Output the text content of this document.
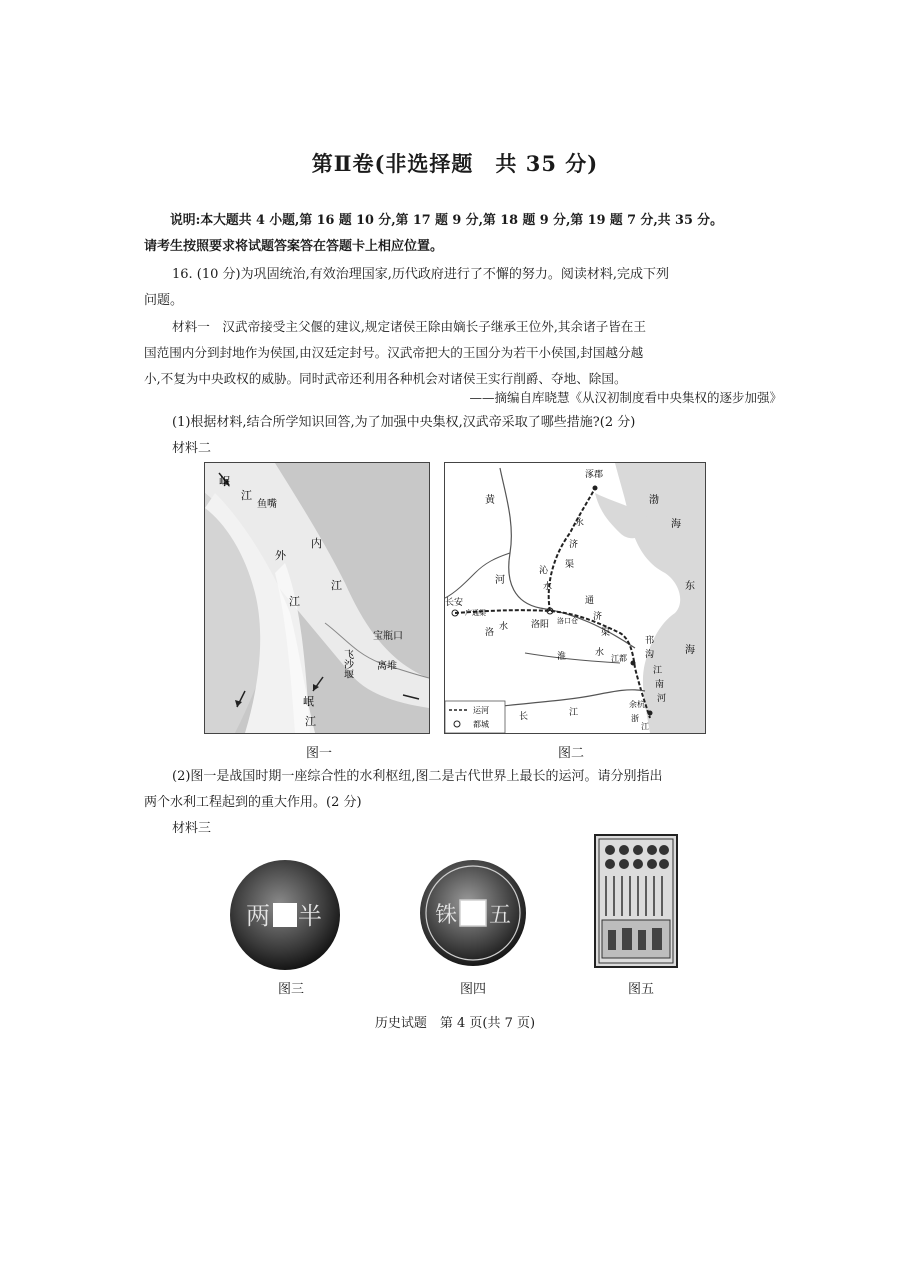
第Ⅱ卷(非选择题　共 35 分)
说明:本大题共 4 小题,第 16 题 10 分,第 17 题 9 分,第 18 题 9 分,第 19 题 7 分,共 35 分。
请考生按照要求将试题答案答在答题卡上相应位置。
16. (10 分)为巩固统治,有效治理国家,历代政府进行了不懈的努力。阅读材料,完成下列
问题。
材料一　汉武帝接受主父偃的建议,规定诸侯王除由嫡长子继承王位外,其余诸子皆在王
国范围内分到封地作为侯国,由汉廷定封号。汉武帝把大的王国分为若干小侯国,封国越分越
小,不复为中央政权的威胁。同时武帝还利用各种机会对诸侯王实行削爵、夺地、除国。
——摘编自库晓慧《从汉初制度看中央集权的逐步加强》
(1)根据材料,结合所学知识回答,为了加强中央集权,汉武帝采取了哪些措施?(2 分)
材料二
岷
江
鱼嘴
内
江
外
江
飞沙堰
宝瓶口
离堆
岷
江
运河
都城
涿郡
渤
海
黄
河
永
济
渠
沁
水
通
济
渠
长安
广通渠
洛阳 洛口仓
洛
水
东
海
淮	水
邗
沟
江都
江
南
河
余杭
长	江
浙
江
图一	图二
(2)图一是战国时期一座综合性的水利枢纽,图二是古代世界上最长的运河。请分别指出
两个水利工程起到的重大作用。(2 分)
材料三
半
两	五
铢
图三	图四	图五
历史试题　第 4 页(共 7 页)
